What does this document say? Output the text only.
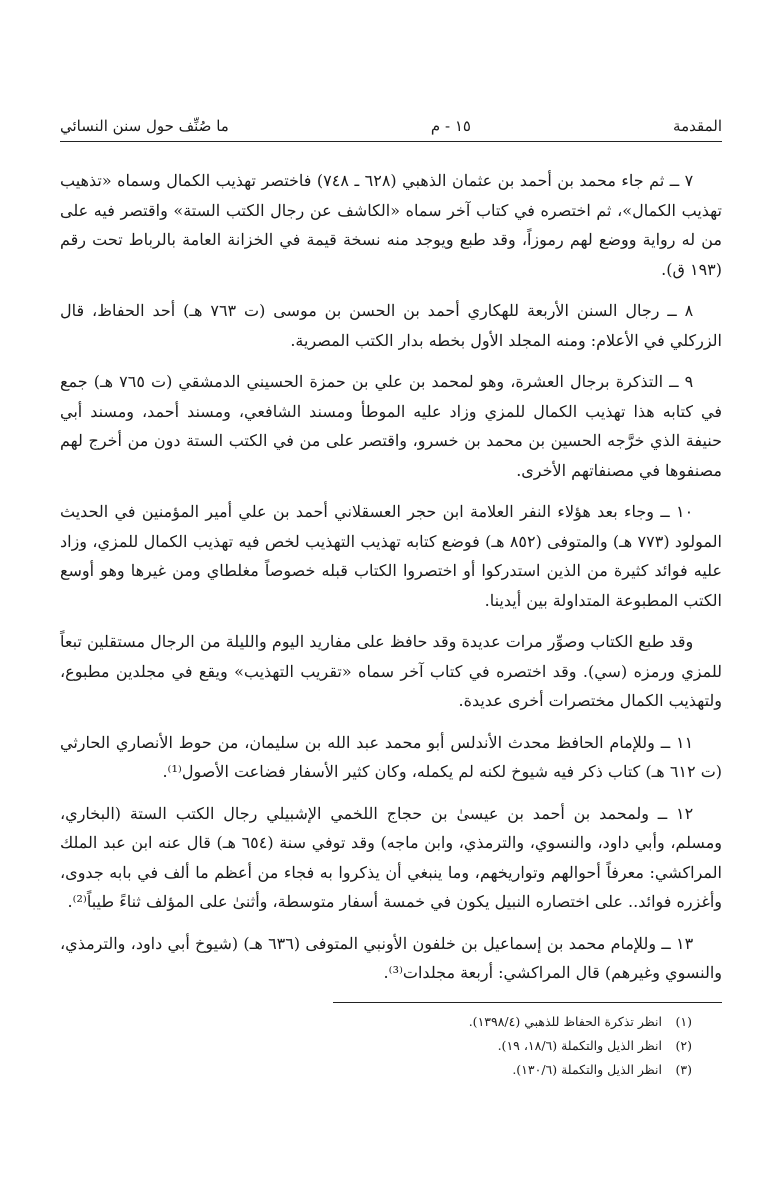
المقدمة
١٥ - م
ما صُنِّف حول سنن النسائي

٧ ــ ثم جاء محمد بن أحمد بن عثمان الذهبي (٦٢٨ ـ ٧٤٨) فاختصر تهذيب الكمال وسماه «تذهيب تهذيب الكمال»، ثم اختصره في كتاب آخر سماه «الكاشف عن رجال الكتب الستة» واقتصر فيه على من له رواية ووضع لهم رموزاً، وقد طبع ويوجد منه نسخة قيمة في الخزانة العامة بالرباط تحت رقم (١٩٣ ق).

٨ ــ رجال السنن الأربعة للهكاري أحمد بن الحسن بن موسى (ت ٧٦٣ هـ) أحد الحفاظ، قال الزركلي في الأعلام: ومنه المجلد الأول بخطه بدار الكتب المصرية.

٩ ــ التذكرة برجال العشرة، وهو لمحمد بن علي بن حمزة الحسيني الدمشقي (ت ٧٦٥ هـ) جمع في كتابه هذا تهذيب الكمال للمزي وزاد عليه الموطأ ومسند الشافعي، ومسند أحمد، ومسند أبي حنيفة الذي خرَّجه الحسين بن محمد بن خسرو، واقتصر على من في الكتب الستة دون من أخرج لهم مصنفوها في مصنفاتهم الأخرى.

١٠ ــ وجاء بعد هؤلاء النفر العلامة ابن حجر العسقلاني أحمد بن علي أمير المؤمنين في الحديث المولود (٧٧٣ هـ) والمتوفى (٨٥٢ هـ) فوضع كتابه تهذيب التهذيب لخص فيه تهذيب الكمال للمزي، وزاد عليه فوائد كثيرة من الذين استدركوا أو اختصروا الكتاب قبله خصوصاً مغلطاي ومن غيرها وهو أوسع الكتب المطبوعة المتداولة بين أيدينا.

وقد طبع الكتاب وصوِّر مرات عديدة وقد حافظ على مفاريد اليوم والليلة من الرجال مستقلين تبعاً للمزي ورمزه (سي). وقد اختصره في كتاب آخر سماه «تقريب التهذيب» ويقع في مجلدين مطبوع، ولتهذيب الكمال مختصرات أخرى عديدة.

١١ ــ وللإمام الحافظ محدث الأندلس أبو محمد عبد الله بن سليمان، من حوط الأنصاري الحارثي (ت ٦١٢ هـ) كتاب ذكر فيه شيوخ لكنه لم يكمله، وكان كثير الأسفار فضاعت الأصول⁽¹⁾.

١٢ ــ ولمحمد بن أحمد بن عيسىٰ بن حجاج اللخمي الإشبيلي رجال الكتب الستة (البخاري، ومسلم، وأبي داود، والنسوي، والترمذي، وابن ماجه) وقد توفي سنة (٦٥٤ هـ) قال عنه ابن عبد الملك المراكشي: معرفاً أحوالهم وتواريخهم، وما ينبغي أن يذكروا به فجاء من أعظم ما ألف في بابه جدوى، وأغزره فوائد.. على اختصاره النبيل يكون في خمسة أسفار متوسطة، وأثنىٰ على المؤلف ثناءً طيباً⁽²⁾.

١٣ ــ وللإمام محمد بن إسماعيل بن خلفون الأونبي المتوفى (٦٣٦ هـ) (شيوخ أبي داود، والترمذي، والنسوي وغيرهم) قال المراكشي: أربعة مجلدات⁽³⁾.

(١)انظر تذكرة الحفاظ للذهبي (١٣٩٨/٤).
(٢)انظر الذيل والتكملة (١٨/٦، ١٩).
(٣)انظر الذيل والتكملة (١٣٠/٦).
